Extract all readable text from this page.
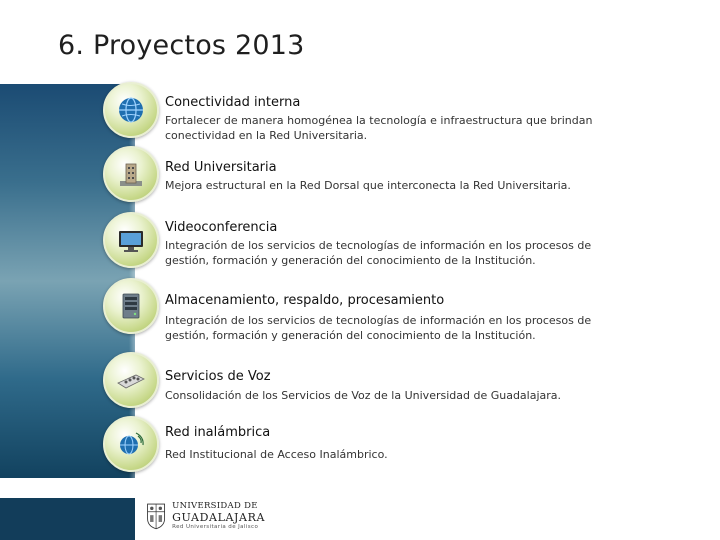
6. Proyectos 2013
Conectividad interna
Fortalecer de manera homogénea la tecnología e infraestructura que brindan conectividad en la Red Universitaria.
Red Universitaria
Mejora estructural en la Red Dorsal que interconecta la Red Universitaria.
Videoconferencia
Integración de los servicios de tecnologías de información en los procesos de gestión, formación y generación del conocimiento de la Institución.
Almacenamiento, respaldo, procesamiento
Integración de los servicios de tecnologías de información en los procesos de gestión, formación y generación del conocimiento de la Institución.
Servicios de Voz
Consolidación de los Servicios de Voz de la Universidad de Guadalajara.
Red inalámbrica
Red Institucional de Acceso Inalámbrico.
UNIVERSIDAD DE
GUADALAJARA
Red Universitaria de Jalisco
